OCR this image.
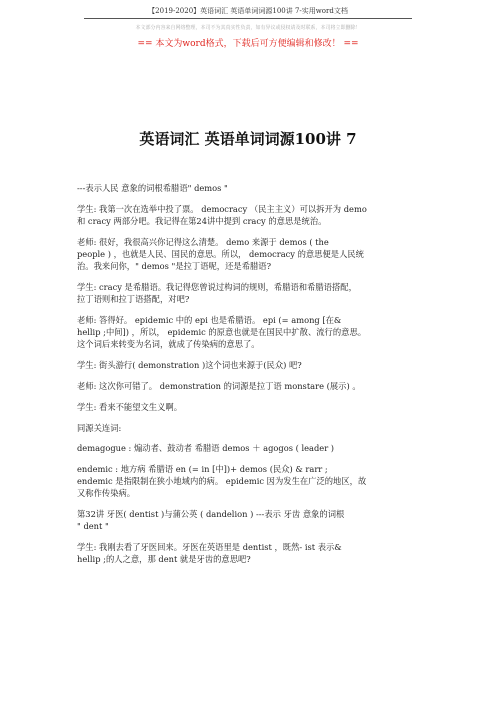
【2019-2020】英语词汇 英语单词词源100讲 7-实用word文档
本文部分内容来自网络整理，本司不为其真实性负责，如有异议或侵权请及时联系，本司将立即删除！
== 本文为word格式，下载后可方便编辑和修改！ ==
英语词汇 英语单词词源100讲 7

---表示人民 意象的词根希腊语" demos "

学生: 我第一次在选举中投了票。 democracy （民主主义）可以拆开为 demo
和 cracy 两部分吧。我记得在第24讲中提到 cracy 的意思是统治。

老师: 很好，我很高兴你记得这么清楚。 demo 来源于 demos ( the
people ) ，也就是人民、国民的意思。所以， democracy 的意思便是人民统
治。我来问你，" demos "是拉丁语呢，还是希腊语?

学生: cracy 是希腊语。我记得您曾说过构词的规则，希腊语和希腊语搭配，
拉丁语则和拉丁语搭配，对吧?

老师: 答得好。 epidemic 中的 epi 也是希腊语。 epi (= among [在&
hellip ;中间]) ，所以， epidemic 的原意也就是在国民中扩散、流行的意思。
这个词后来转变为名词，就成了传染病的意思了。

学生: 街头游行( demonstration )这个词也来源于(民众) 吧?

老师: 这次你可错了。 demonstration 的词源是拉丁语 monstare (展示) 。

学生: 看来不能望文生义啊。

同源关连词:

demagogue : 煽动者、鼓动者 希腊语 demos ＋ agogos ( leader )

endemic : 地方病 希腊语 en (= in [中])+ demos (民众) & rarr ;
endemic 是指限制在狭小地域内的病。 epidemic 因为发生在广泛的地区，故
又称作传染病。

第32讲 牙医( dentist )与蒲公英 ( dandelion ) ---表示 牙齿 意象的词根
" dent "

学生: 我刚去看了牙医回来。牙医在英语里是 dentist ，既然- ist 表示&
hellip ;的人之意，那 dent 就是牙齿的意思吧?
